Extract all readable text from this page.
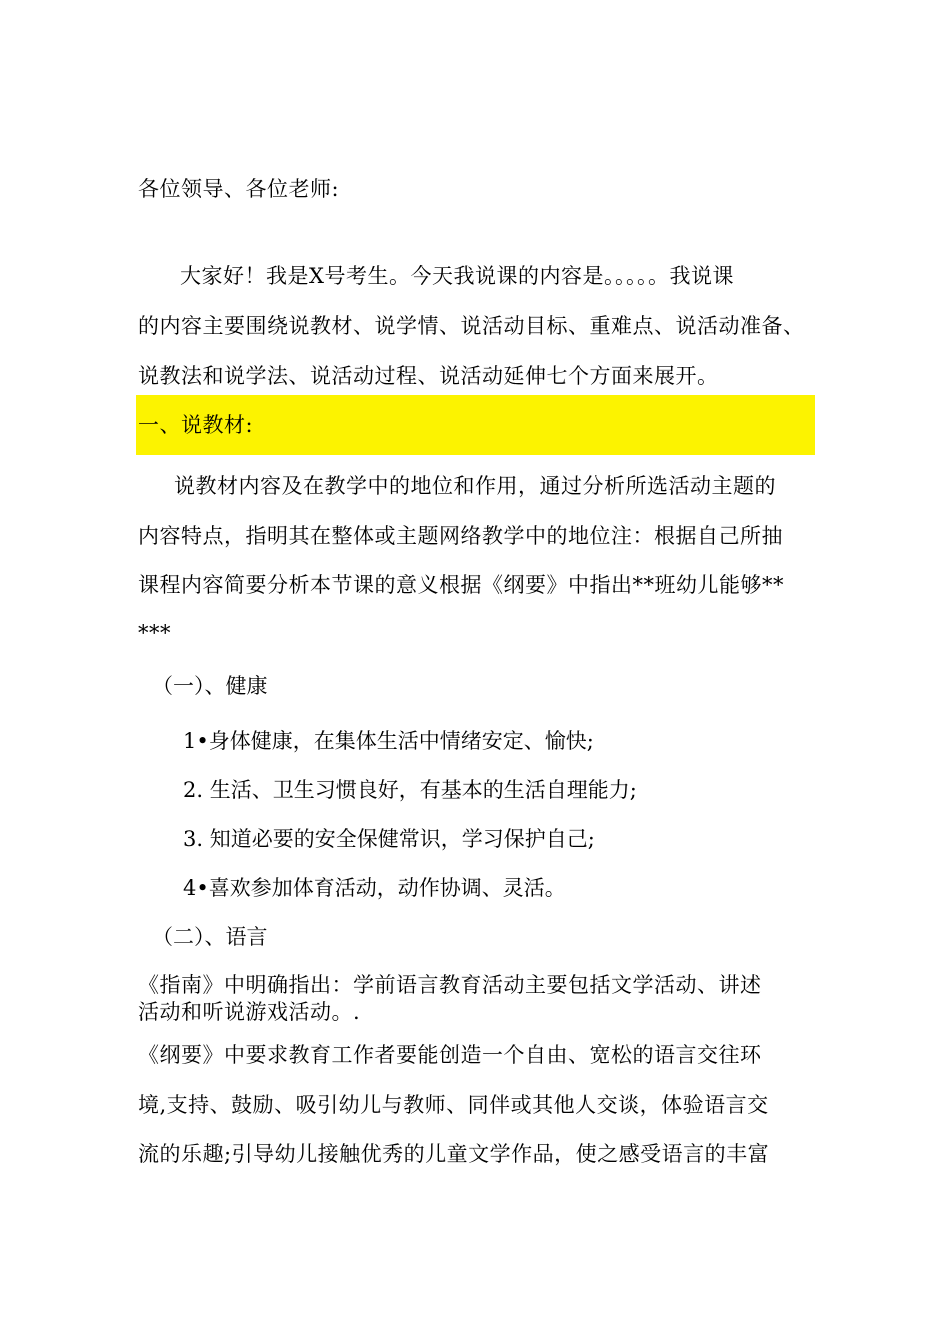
各位领导、各位老师:
大家好！我是X号考生。今天我说课的内容是。。。。。我说课
的内容主要围绕说教材、说学情、说活动目标、重难点、说活动准备、
说教法和说学法、说活动过程、说活动延伸七个方面来展开。
一、说教材:
说教材内容及在教学中的地位和作用，通过分析所选活动主题的
内容特点，指明其在整体或主题网络教学中的地位注：根据自己所抽
课程内容简要分析本节课的意义根据《纲要》中指出**班幼儿能够**
***
（一）、健康
1•身体健康，在集体生活中情绪安定、愉快;
2. 生活、卫生习惯良好，有基本的生活自理能力;
3. 知道必要的安全保健常识，学习保护自己;
4•喜欢参加体育活动，动作协调、灵活。
（二）、语言
《指南》中明确指出：学前语言教育活动主要包括文学活动、讲述
活动和听说游戏活动。.
《纲要》中要求教育工作者要能创造一个自由、宽松的语言交往环
境,支持、鼓励、吸引幼儿与教师、同伴或其他人交谈，体验语言交
流的乐趣;引导幼儿接触优秀的儿童文学作品，使之感受语言的丰富
